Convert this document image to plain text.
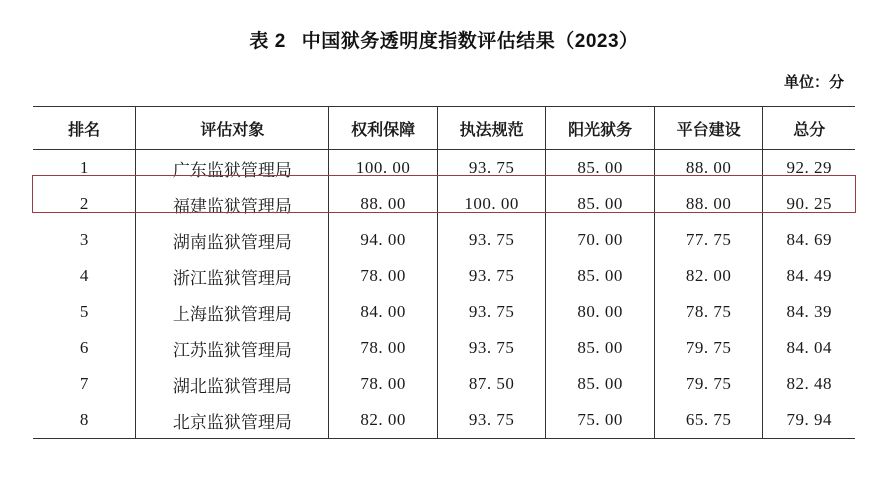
表 2 中国狱务透明度指数评估结果（2023）
单位：分
排名	评估对象	权利保障	执法规范	阳光狱务	平台建设	总分
1	广东监狱管理局	100. 00	93. 75	85. 00	88. 00	92. 29
2	福建监狱管理局	88. 00	100. 00	85. 00	88. 00	90. 25
3	湖南监狱管理局	94. 00	93. 75	70. 00	77. 75	84. 69
4	浙江监狱管理局	78. 00	93. 75	85. 00	82. 00	84. 49
5	上海监狱管理局	84. 00	93. 75	80. 00	78. 75	84. 39
6	江苏监狱管理局	78. 00	93. 75	85. 00	79. 75	84. 04
7	湖北监狱管理局	78. 00	87. 50	85. 00	79. 75	82. 48
8	北京监狱管理局	82. 00	93. 75	75. 00	65. 75	79. 94
